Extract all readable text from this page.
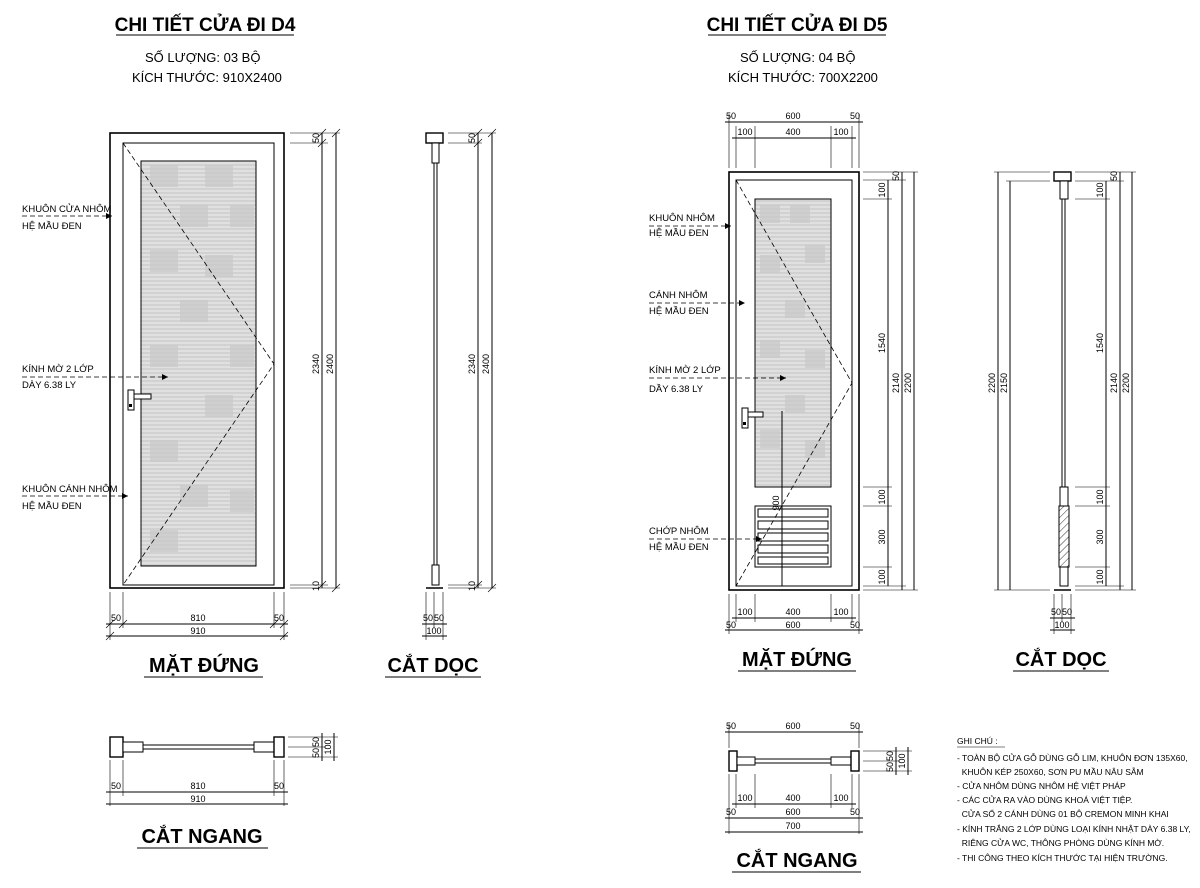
CHI TIẾT CỬA ĐI D4
SỐ LƯỢNG: 03 BỘ
KÍCH THƯỚC: 910X2400
KHUÔN CỬA NHÔM
HỆ MẦU ĐEN
KÍNH MỜ 2 LỚP
DÀY 6.38 LY
KHUÔN CÁNH NHÔM
HỆ MẦU ĐEN
50
2340 2400
10
50	810	50
910
MẶT ĐỨNG
50
2340 2400
10
50 50
100
CẮT DỌC
50
50 100
50	810	50
910
CẮT NGANG
CHI TIẾT CỬA ĐI D5
SỐ LƯỢNG: 04 BỘ
KÍCH THƯỚC: 700X2200
KHUÔN NHÔM
HỆ MẦU ĐEN
CÁNH NHÔM
HỆ MẦU ĐEN
KÍNH MỜ 2 LỚP
DẦY 6.38 LY
CHỚP NHÔM
HỆ MẦU ĐEN
900
50	600	50
100	400	100
100	400	100
50	600	50
100
50
1540
100
300
100
2140 2200
MẶT ĐỨNG
2200 2150
50
100
1540
100
300
100
2140 2200
50 50
100
CẮT DỌC
50	600	50
50
50 100
100	400	100
50	600	50
700
CẮT NGANG
GHI CHÚ :
- TOÀN BỘ CỬA GỖ DÙNG GỖ LIM, KHUÔN ĐƠN 135X60,
KHUÔN KÉP 250X60, SƠN PU MẦU NÂU SẪM
- CỬA NHÔM DÙNG NHÔM HỆ VIỆT PHÁP
- CÁC CỬA RA VÀO DÙNG KHOÁ VIỆT TIỆP.
CỬA SỔ 2 CÁNH DÙNG 01 BỘ CREMON MINH KHAI
- KÍNH TRẮNG 2 LỚP DÙNG LOẠI KÍNH NHẬT DÀY 6.38 LY,
RIÊNG CỬA WC, THÔNG PHÒNG DÙNG KÍNH MỜ.
- THI CÔNG THEO KÍCH THƯỚC TẠI HIỆN TRƯỜNG.
